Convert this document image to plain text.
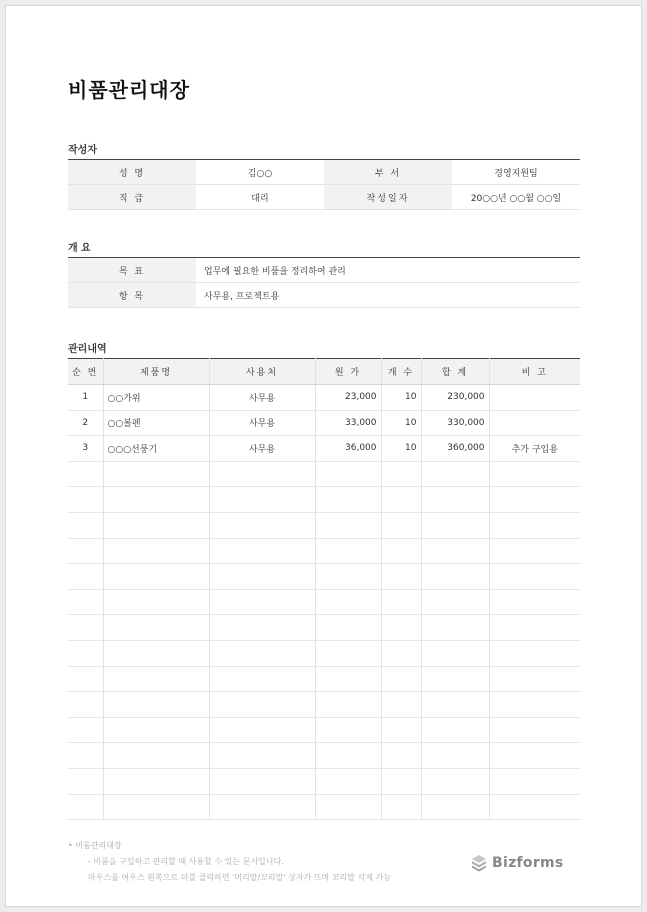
비품관리대장
작성자
성 명	김○○	부 서	경영지원팀
직 급	대리	작성일자	20○○년 ○○월 ○○일
개 요
목 표	업무에 필요한 비품을 정리하여 관리
항 목	사무용, 프로젝트용
관리내역
순 번	제품명	사용처	원 가	개 수	합 계	비 고
1	○○가위	사무용	23,000	10	230,000	
2	○○볼펜	사무용	33,000	10	330,000	
3	○○○선풍기	사무용	36,000	10	360,000	추가 구입용

• 비품관리대장
- 비품을 구입하고 관리할 때 사용할 수 있는 문서입니다.
마우스를 여우스 원쪽으로 더블 클릭하면 '머리말/꼬리말' 상자가 뜨며 꼬리말 삭제 가능
Bizforms
